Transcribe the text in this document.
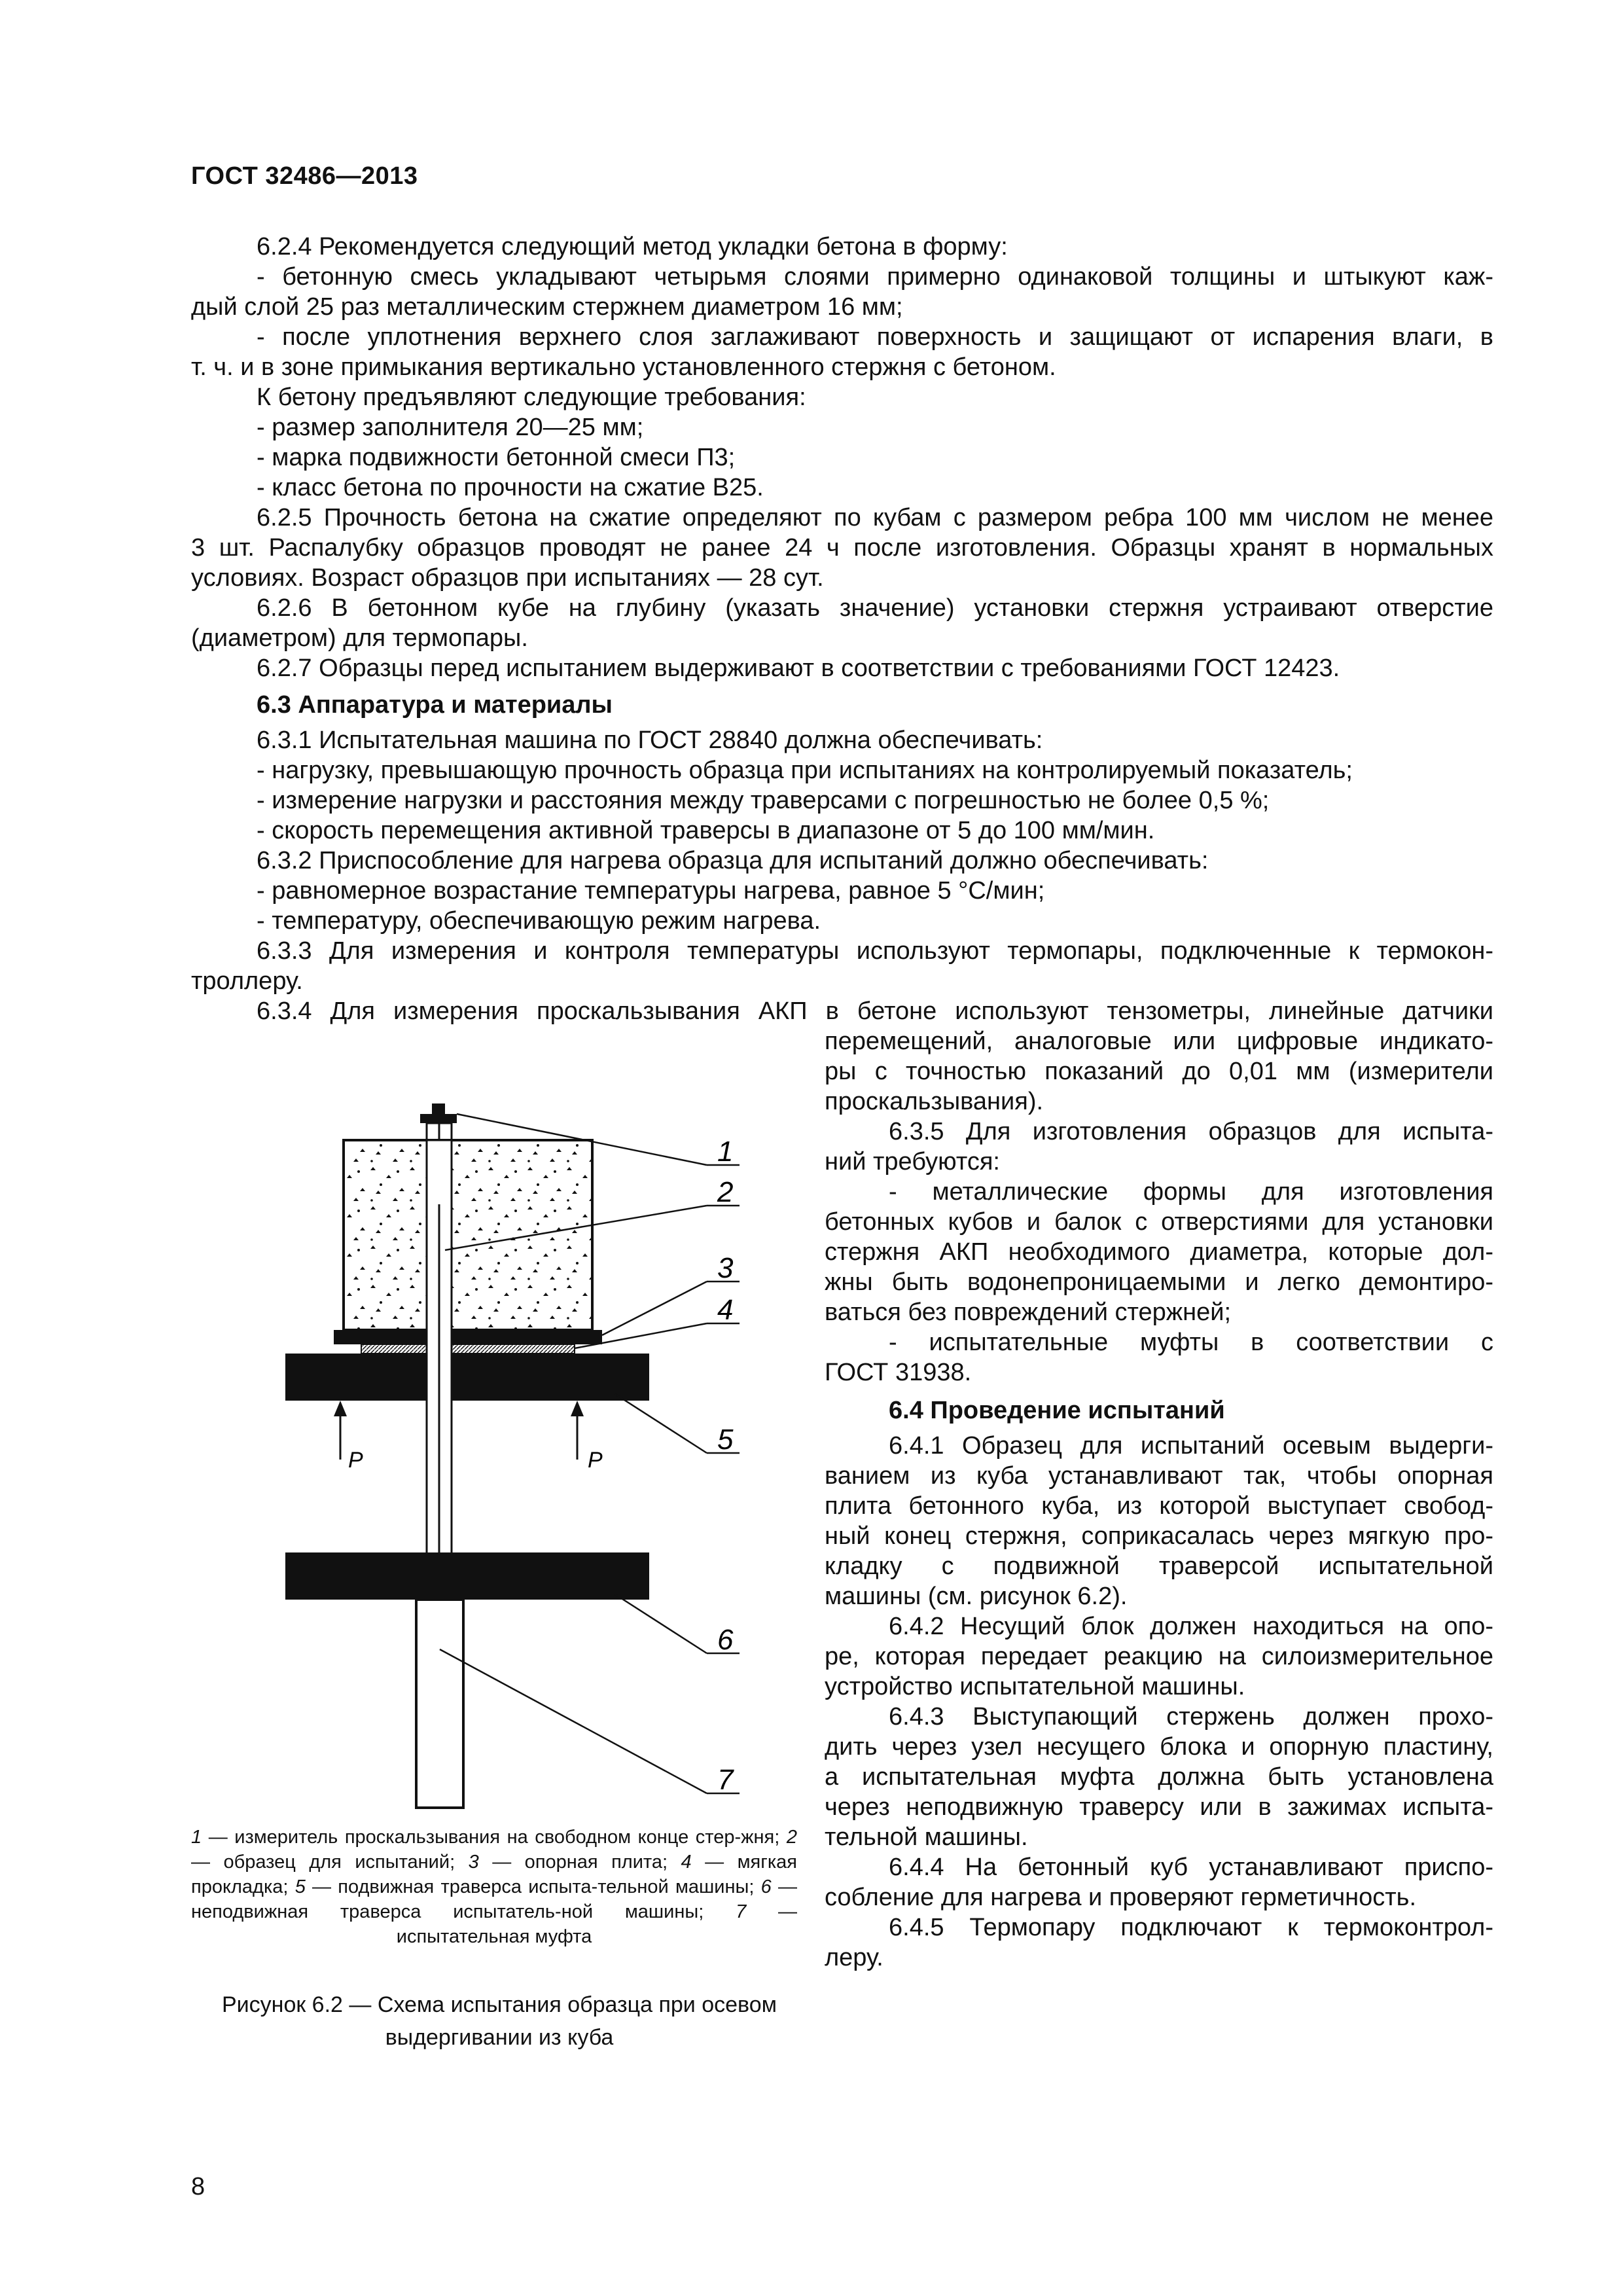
ГОСТ 32486—2013
6.2.4 Рекомендуется следующий метод укладки бетона в форму:
- бетонную смесь укладывают четырьмя слоями примерно одинаковой толщины и штыкуют каж-
дый слой 25 раз металлическим стержнем диаметром 16 мм;
- после уплотнения верхнего слоя заглаживают поверхность и защищают от испарения влаги, в
т. ч. и в зоне примыкания вертикально установленного стержня с бетоном.
К бетону предъявляют следующие требования:
- размер заполнителя 20—25 мм;
- марка подвижности бетонной смеси П3;
- класс бетона по прочности на сжатие В25.
6.2.5 Прочность бетона на сжатие определяют по кубам с размером ребра 100 мм числом не менее
3 шт. Распалубку образцов проводят не ранее 24 ч после изготовления. Образцы хранят в нормальных
условиях. Возраст образцов при испытаниях — 28 сут.
6.2.6 В бетонном кубе на глубину (указать значение) установки стержня устраивают отверстие
(диаметром) для термопары.
6.2.7 Образцы перед испытанием выдерживают в соответствии с требованиями ГОСТ 12423.
6.3 Аппаратура и материалы
6.3.1 Испытательная машина по ГОСТ 28840 должна обеспечивать:
- нагрузку, превышающую прочность образца при испытаниях на контролируемый показатель;
- измерение нагрузки и расстояния между траверсами с погрешностью не более 0,5 %;
- скорость перемещения активной траверсы в диапазоне от 5 до 100 мм/мин.
6.3.2 Приспособление для нагрева образца для испытаний должно обеспечивать:
- равномерное возрастание температуры нагрева, равное 5 °С/мин;
- температуру, обеспечивающую режим нагрева.
6.3.3 Для измерения и контроля температуры используют термопары, подключенные к термокон-
троллеру.
6.3.4 Для измерения проскальзывания АКП в бетоне используют тензометры, линейные датчики
перемещений, аналоговые или цифровые индикато-
ры с точностью показаний до 0,01 мм (измерители
проскальзывания).
6.3.5 Для изготовления образцов для испыта-
ний требуются:
- металлические формы для изготовления
бетонных кубов и балок с отверстиями для установки
стержня АКП необходимого диаметра, которые дол-
жны быть водонепроницаемыми и легко демонтиро-
ваться без повреждений стержней;
- испытательные муфты в соответствии с
ГОСТ 31938.
6.4 Проведение испытаний
6.4.1 Образец для испытаний осевым выдерги-
ванием из куба устанавливают так, чтобы опорная
плита бетонного куба, из которой выступает свобод-
ный конец стержня, соприкасалась через мягкую про-
кладку с подвижной траверсой испытательной
машины (см. рисунок 6.2).
6.4.2 Несущий блок должен находиться на опо-
ре, которая передает реакцию на силоизмерительное
устройство испытательной машины.
6.4.3 Выступающий стержень должен прохо-
дить через узел несущего блока и опорную пластину,
а испытательная муфта должна быть установлена
через неподвижную траверсу или в зажимах испыта-
тельной машины.
6.4.4 На бетонный куб устанавливают приспо-
собление для нагрева и проверяют герметичность.
6.4.5 Термопару подключают к термоконтрол-
леру.
P	P
1
2
3
4
5
6
7
1 — измеритель проскальзывания на свободном конце стер-жня; 2 — образец для испытаний; 3 — опорная плита; 4 — мягкая прокладка; 5 — подвижная траверса испыта-тельной машины; 6 — неподвижная траверса испытатель-ной машины; 7 — испытательная муфта
Рисунок 6.2 — Схема испытания образца при осевом
выдергивании из куба
8
